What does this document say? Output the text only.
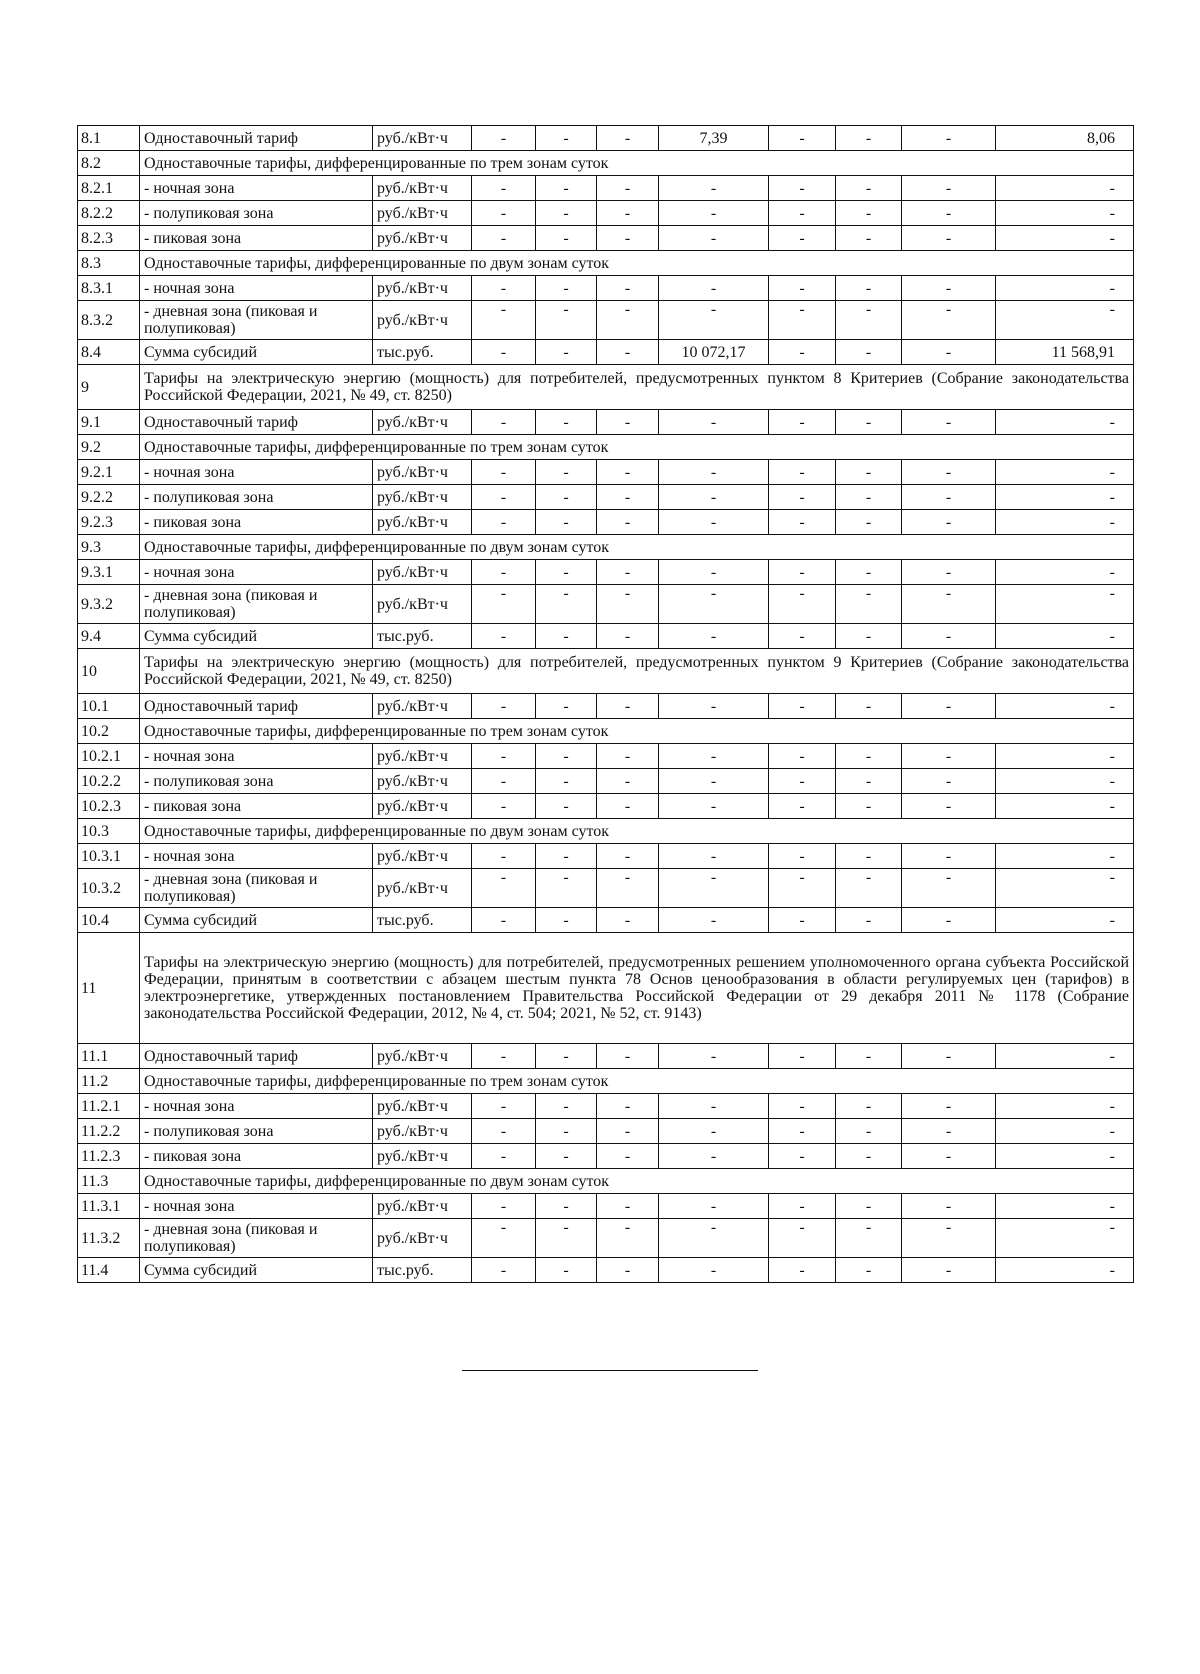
8.1	Одноставочный тариф	руб./кВт·ч	-	-	-	7,39	-	-	-	8,06
8.2	Одноставочные тарифы, дифференцированные по трем зонам суток									
8.2.1	- ночная зона	руб./кВт·ч	-	-	-	-	-	-	-	-
8.2.2	- полупиковая зона	руб./кВт·ч	-	-	-	-	-	-	-	-
8.2.3	- пиковая зона	руб./кВт·ч	-	-	-	-	-	-	-	-
8.3	Одноставочные тарифы, дифференцированные по двум зонам суток									
8.3.1	- ночная зона	руб./кВт·ч	-	-	-	-	-	-	-	-
8.3.2	- дневная зона (пиковая и полупиковая)	руб./кВт·ч	-	-	-	-	-	-	-	-
8.4	Сумма субсидий	тыс.руб.	-	-	-	10 072,17	-	-	-	11 568,91
9	Тарифы на электрическую энергию (мощность) для потребителей, предусмотренных пунктом 8 Критериев (Собрание законодательства Российской Федерации, 2021, № 49, ст. 8250)									
9.1	Одноставочный тариф	руб./кВт·ч	-	-	-	-	-	-	-	-
9.2	Одноставочные тарифы, дифференцированные по трем зонам суток									
9.2.1	- ночная зона	руб./кВт·ч	-	-	-	-	-	-	-	-
9.2.2	- полупиковая зона	руб./кВт·ч	-	-	-	-	-	-	-	-
9.2.3	- пиковая зона	руб./кВт·ч	-	-	-	-	-	-	-	-
9.3	Одноставочные тарифы, дифференцированные по двум зонам суток									
9.3.1	- ночная зона	руб./кВт·ч	-	-	-	-	-	-	-	-
9.3.2	- дневная зона (пиковая и полупиковая)	руб./кВт·ч	-	-	-	-	-	-	-	-
9.4	Сумма субсидий	тыс.руб.	-	-	-	-	-	-	-	-
10	Тарифы на электрическую энергию (мощность) для потребителей, предусмотренных пунктом 9 Критериев (Собрание законодательства Российской Федерации, 2021, № 49, ст. 8250)									
10.1	Одноставочный тариф	руб./кВт·ч	-	-	-	-	-	-	-	-
10.2	Одноставочные тарифы, дифференцированные по трем зонам суток									
10.2.1	- ночная зона	руб./кВт·ч	-	-	-	-	-	-	-	-
10.2.2	- полупиковая зона	руб./кВт·ч	-	-	-	-	-	-	-	-
10.2.3	- пиковая зона	руб./кВт·ч	-	-	-	-	-	-	-	-
10.3	Одноставочные тарифы, дифференцированные по двум зонам суток									
10.3.1	- ночная зона	руб./кВт·ч	-	-	-	-	-	-	-	-
10.3.2	- дневная зона (пиковая и полупиковая)	руб./кВт·ч	-	-	-	-	-	-	-	-
10.4	Сумма субсидий	тыс.руб.	-	-	-	-	-	-	-	-
11	Тарифы на электрическую энергию (мощность) для потребителей, предусмотренных решением уполномоченного органа субъекта Российской Федерации, принятым в соответствии с абзацем шестым пункта 78 Основ ценообразования в области регулируемых цен (тарифов) в электроэнергетике, утвержденных постановлением Правительства Российской Федерации от 29 декабря 2011 № 1178 (Собрание законодательства Российской Федерации, 2012, № 4, ст. 504; 2021, № 52, ст. 9143)									
11.1	Одноставочный тариф	руб./кВт·ч	-	-	-	-	-	-	-	-
11.2	Одноставочные тарифы, дифференцированные по трем зонам суток									
11.2.1	- ночная зона	руб./кВт·ч	-	-	-	-	-	-	-	-
11.2.2	- полупиковая зона	руб./кВт·ч	-	-	-	-	-	-	-	-
11.2.3	- пиковая зона	руб./кВт·ч	-	-	-	-	-	-	-	-
11.3	Одноставочные тарифы, дифференцированные по двум зонам суток									
11.3.1	- ночная зона	руб./кВт·ч	-	-	-	-	-	-	-	-
11.3.2	- дневная зона (пиковая и полупиковая)	руб./кВт·ч	-	-	-	-	-	-	-	-
11.4	Сумма субсидий	тыс.руб.	-	-	-	-	-	-	-	-
